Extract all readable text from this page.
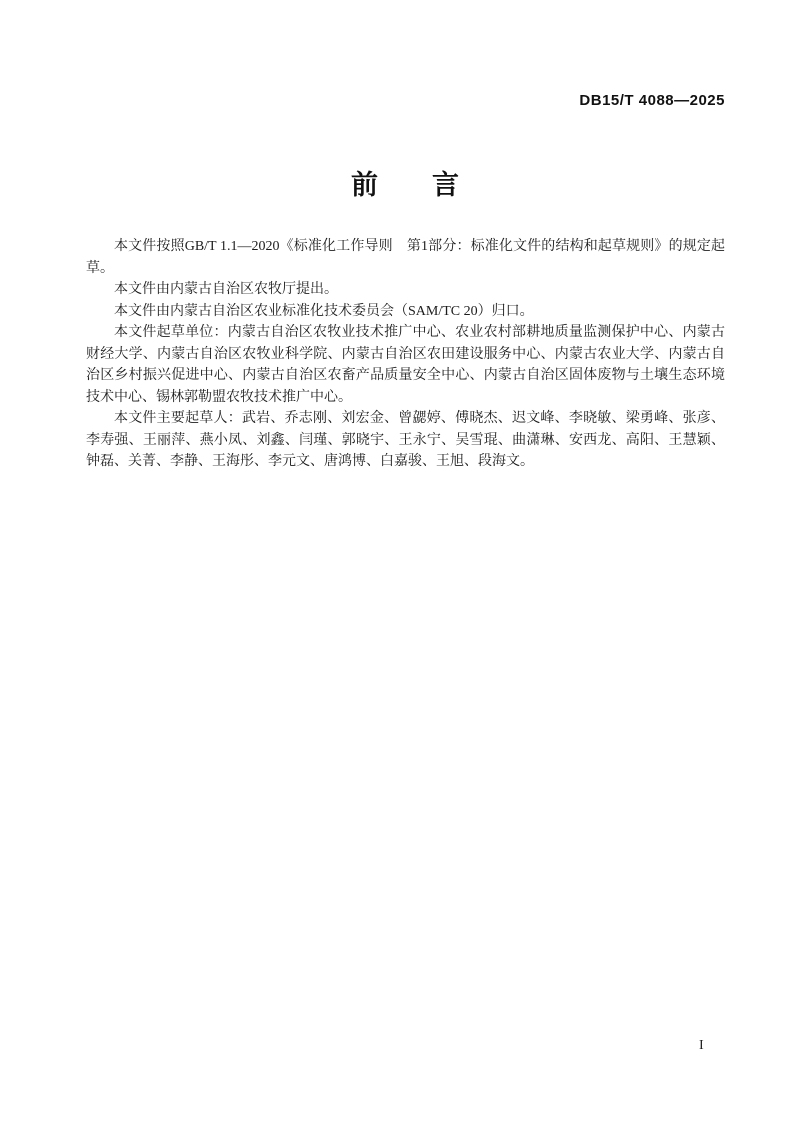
DB15/T 4088—2025
前　　言

本文件按照GB/T 1.1—2020《标准化工作导则　第1部分：标准化文件的结构和起草规则》的规定起草。

本文件由内蒙古自治区农牧厅提出。

本文件由内蒙古自治区农业标准化技术委员会（SAM/TC 20）归口。

本文件起草单位：内蒙古自治区农牧业技术推广中心、农业农村部耕地质量监测保护中心、内蒙古财经大学、内蒙古自治区农牧业科学院、内蒙古自治区农田建设服务中心、内蒙古农业大学、内蒙古自治区乡村振兴促进中心、内蒙古自治区农畜产品质量安全中心、内蒙古自治区固体废物与土壤生态环境技术中心、锡林郭勒盟农牧技术推广中心。

本文件主要起草人：武岩、乔志刚、刘宏金、曾勰婷、傅晓杰、迟文峰、李晓敏、梁勇峰、张彦、李寿强、王丽萍、燕小凤、刘鑫、闫瑾、郭晓宇、王永宁、吴雪琨、曲潇琳、安西龙、高阳、王慧颖、钟磊、关菁、李静、王海彤、李元文、唐鸿博、白嘉骏、王旭、段海文。

I
